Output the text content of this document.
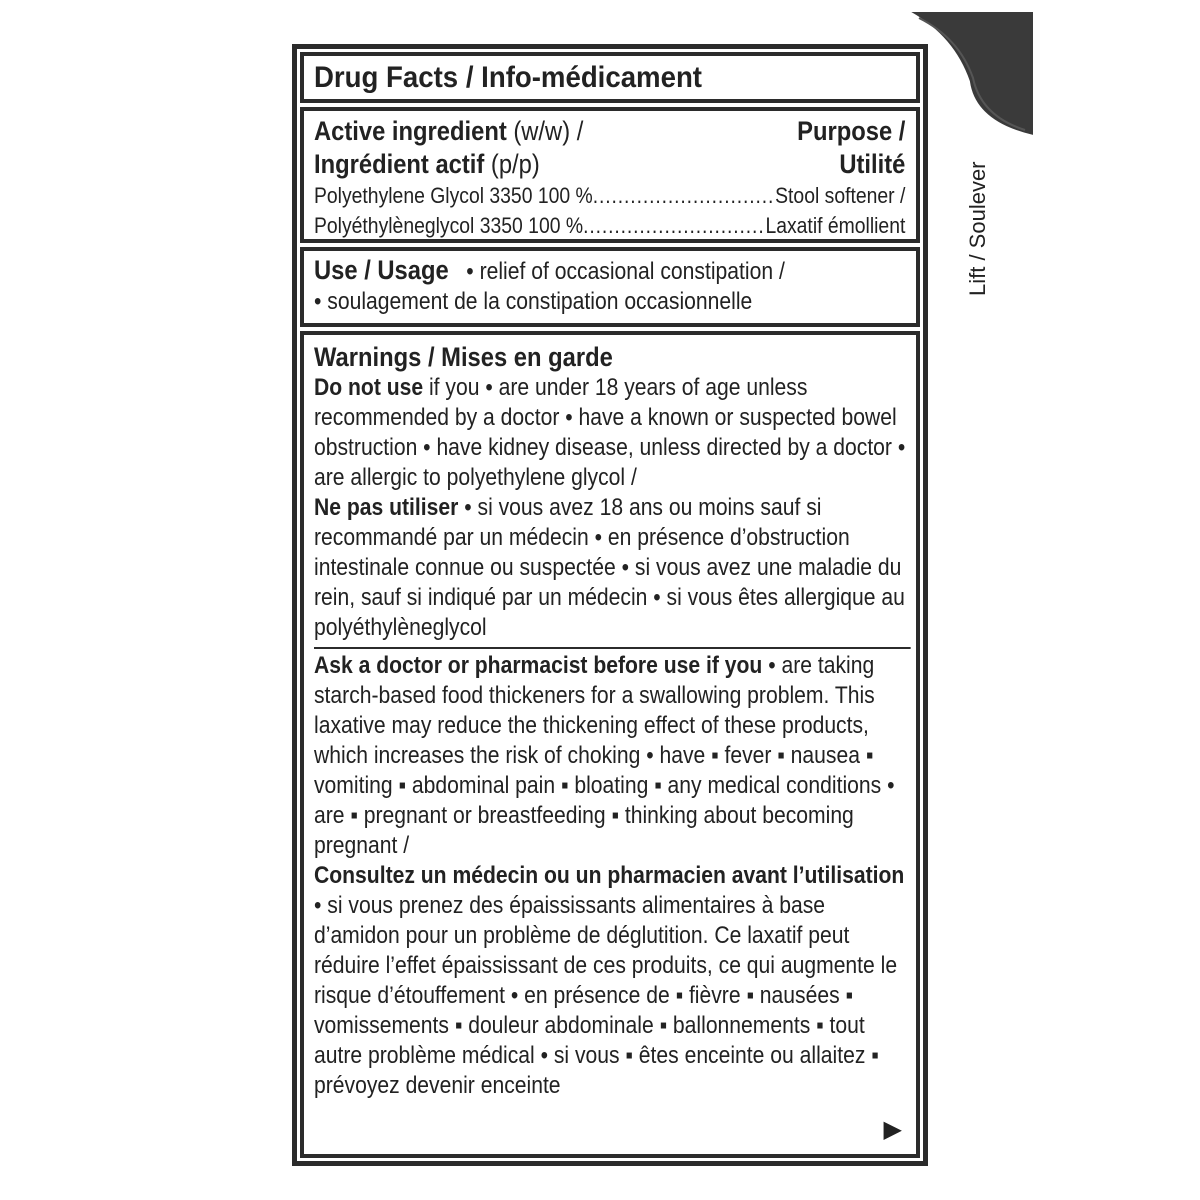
Drug Facts / Info-médicament
Active ingredient (w/w) /	Purpose /
Ingrédient actif (p/p)	Utilité
Polyethylene Glycol 3350 100 % .....	Stool softener /
Polyéthylèneglycol 3350 100 % .....	Laxatif émollient
Use / Usage • relief of occasional constipation /
• soulagement de la constipation occasionnelle
Warnings / Mises en garde
Do not use if you • are under 18 years of age unless recommended by a doctor • have a known or suspected bowel obstruction • have kidney disease, unless directed by a doctor • are allergic to polyethylene glycol /
Ne pas utiliser • si vous avez 18 ans ou moins sauf si recommandé par un médecin • en présence d’obstruction intestinale connue ou suspectée • si vous avez une maladie du rein, sauf si indiqué par un médecin • si vous êtes allergique au polyéthylèneglycol
Ask a doctor or pharmacist before use if you • are taking starch-based food thickeners for a swallowing problem. This laxative may reduce the thickening effect of these products, which increases the risk of choking • have ▪ fever ▪ nausea ▪ vomiting ▪ abdominal pain ▪ bloating ▪ any medical conditions • are ▪ pregnant or breastfeeding ▪ thinking about becoming pregnant /
Consultez un médecin ou un pharmacien avant l’utilisation
• si vous prenez des épaississants alimentaires à base d’amidon pour un problème de déglutition. Ce laxatif peut réduire l’effet épaississant de ces produits, ce qui augmente le risque d’étouffement • en présence de ▪ fièvre ▪ nausées ▪ vomissements ▪ douleur abdominale ▪ ballonnements ▪ tout autre problème médical • si vous ▪ êtes enceinte ou allaitez ▪ prévoyez devenir enceinte
▶
Lift / Soulever
